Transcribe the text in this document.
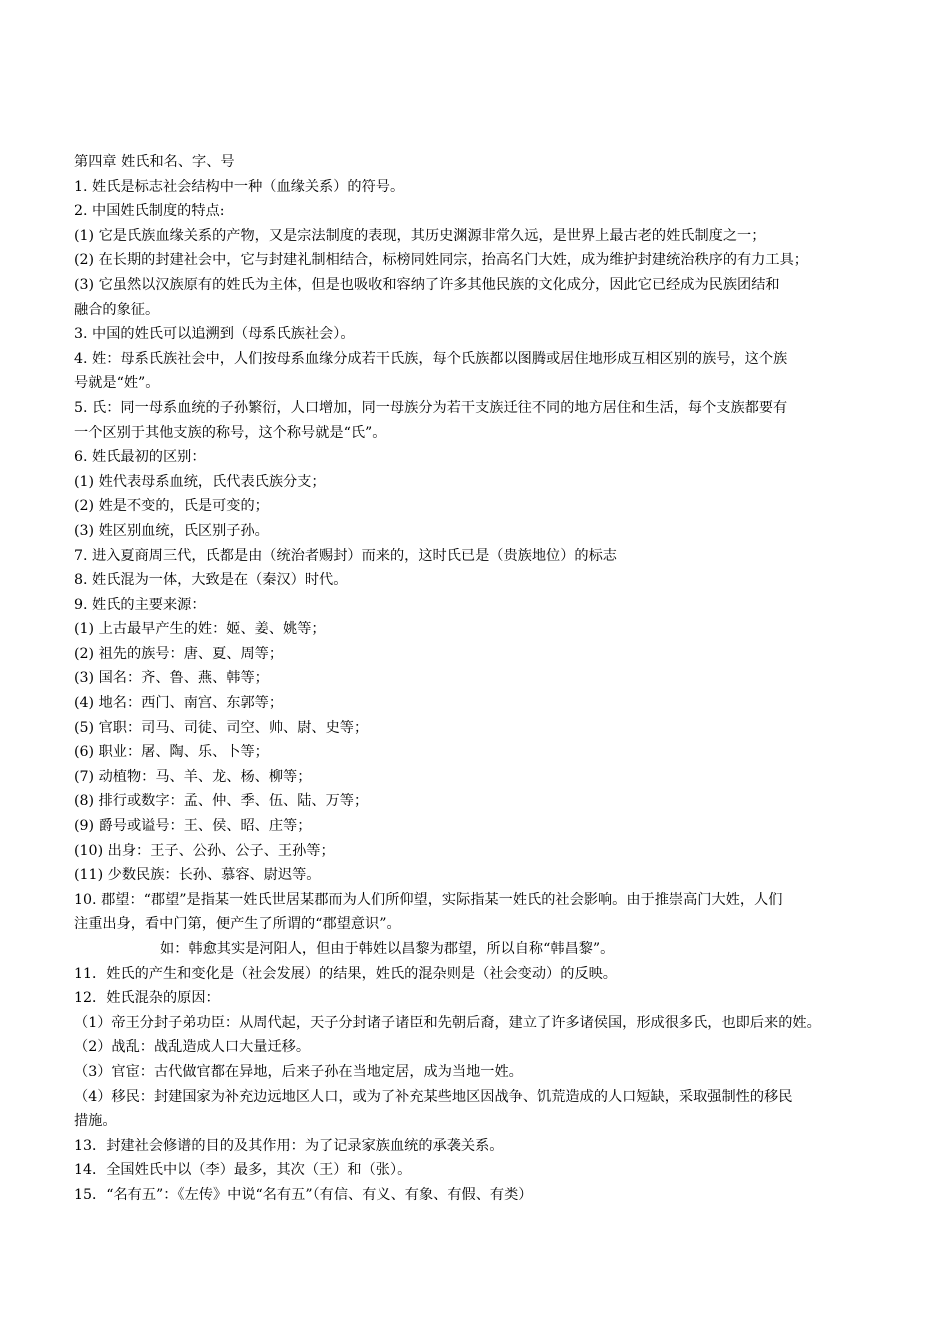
第四章 姓氏和名、字、号
1. 姓氏是标志社会结构中一种（血缘关系）的符号。
2. 中国姓氏制度的特点:
(1) 它是氏族血缘关系的产物，又是宗法制度的表现，其历史渊源非常久远，是世界上最古老的姓氏制度之一；
(2) 在长期的封建社会中，它与封建礼制相结合，标榜同姓同宗，抬高名门大姓，成为维护封建统治秩序的有力工具；
(3) 它虽然以汉族原有的姓氏为主体，但是也吸收和容纳了许多其他民族的文化成分，因此它已经成为民族团结和
融合的象征。
3. 中国的姓氏可以追溯到（母系氏族社会）。
4. 姓：母系氏族社会中，人们按母系血缘分成若干氏族，每个氏族都以图腾或居住地形成互相区别的族号，这个族
号就是“姓”。
5. 氏：同一母系血统的子孙繁衍，人口增加，同一母族分为若干支族迁往不同的地方居住和生活，每个支族都要有
一个区别于其他支族的称号，这个称号就是“氏”。
6. 姓氏最初的区别：
(1) 姓代表母系血统，氏代表氏族分支；
(2) 姓是不变的，氏是可变的；
(3) 姓区别血统，氏区别子孙。
7. 进入夏商周三代，氏都是由（统治者赐封）而来的，这时氏已是（贵族地位）的标志
8. 姓氏混为一体，大致是在（秦汉）时代。
9. 姓氏的主要来源：
(1) 上古最早产生的姓：姬、姜、姚等；
(2) 祖先的族号：唐、夏、周等；
(3) 国名：齐、鲁、燕、韩等；
(4) 地名：西门、南宫、东郭等；
(5) 官职：司马、司徒、司空、帅、尉、史等；
(6) 职业：屠、陶、乐、卜等；
(7) 动植物：马、羊、龙、杨、柳等；
(8) 排行或数字：孟、仲、季、伍、陆、万等；
(9) 爵号或谥号：王、侯、昭、庄等；
(10) 出身：王子、公孙、公子、王孙等；
(11) 少数民族：长孙、慕容、尉迟等。
10. 郡望：“郡望”是指某一姓氏世居某郡而为人们所仰望，实际指某一姓氏的社会影响。由于推崇高门大姓，人们
注重出身，看中门第，便产生了所谓的“郡望意识”。
如：韩愈其实是河阳人，但由于韩姓以昌黎为郡望，所以自称“韩昌黎”。
11．姓氏的产生和变化是（社会发展）的结果，姓氏的混杂则是（社会变动）的反映。
12．姓氏混杂的原因：
（1）帝王分封子弟功臣：从周代起，天子分封诸子诸臣和先朝后裔，建立了许多诸侯国，形成很多氏，也即后来的姓。
（2）战乱：战乱造成人口大量迁移。
（3）官宦：古代做官都在异地，后来子孙在当地定居，成为当地一姓。
（4）移民：封建国家为补充边远地区人口，或为了补充某些地区因战争、饥荒造成的人口短缺，采取强制性的移民
措施。
13．封建社会修谱的目的及其作用：为了记录家族血统的承袭关系。
14．全国姓氏中以（李）最多，其次（王）和（张）。
15．“名有五”：《左传》中说“名有五”（有信、有义、有象、有假、有类）
